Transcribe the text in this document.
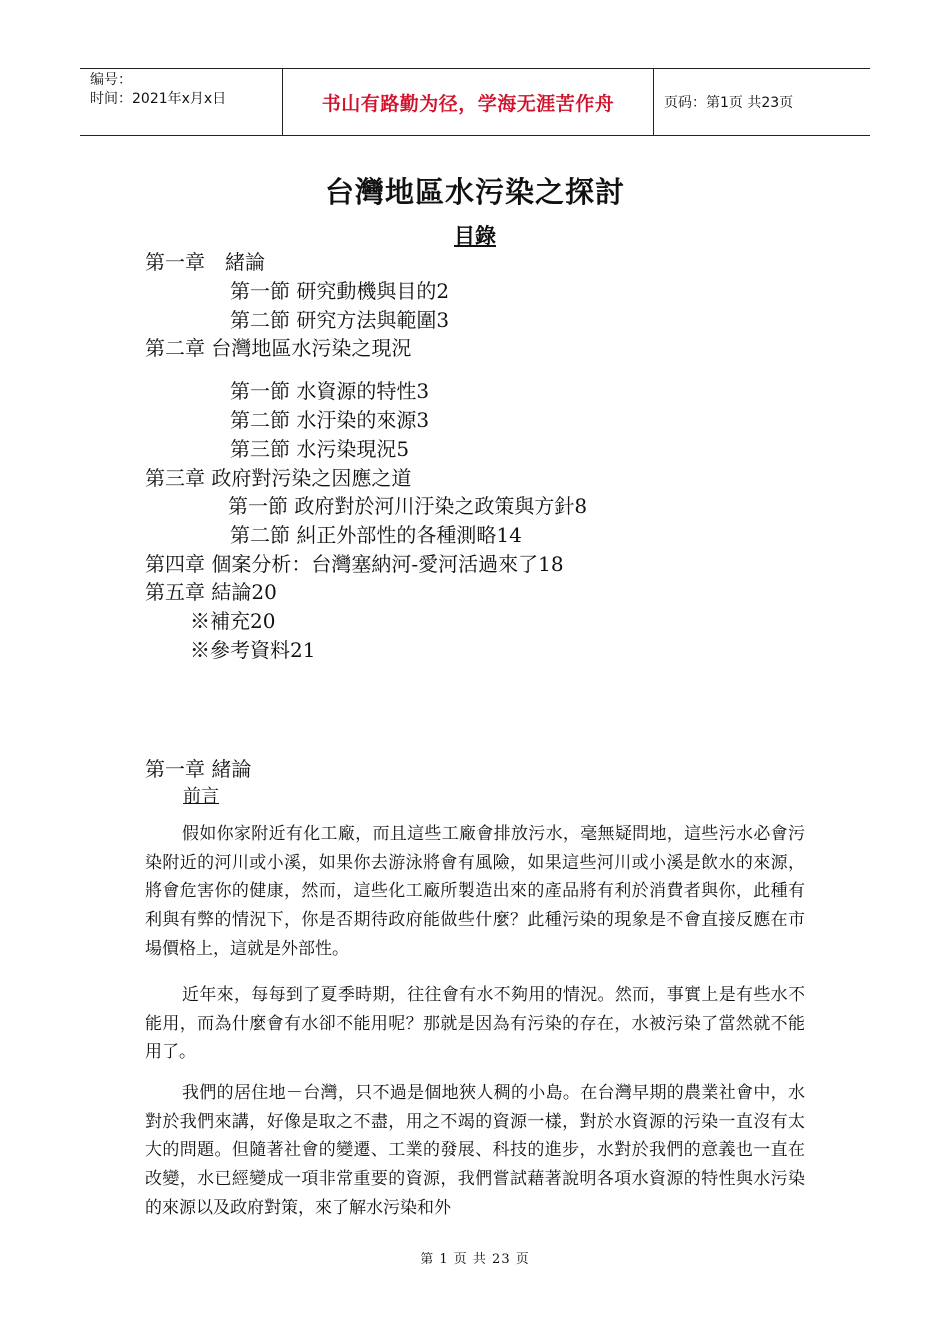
编号：
时间：2021年x月x日	书山有路勤为径，学海无涯苦作舟	页码：第1页 共23页
台灣地區水污染之探討
目錄
第一章　緒論
第一節 研究動機與目的2
第二節 研究方法與範圍3
第二章 台灣地區水污染之現況
第一節 水資源的特性3
第二節 水汙染的來源3
第三節 水污染現況5
第三章 政府對污染之因應之道
第一節 政府對於河川汙染之政策與方針8
第二節 糾正外部性的各種測略14
第四章 個案分析：台灣塞納河-愛河活過來了18
第五章 結論20
※補充20
※參考資料21
第一章 緒論
前言

假如你家附近有化工廠，而且這些工廠會排放污水，毫無疑問地，這些污水必會污染附近的河川或小溪，如果你去游泳將會有風險，如果這些河川或小溪是飲水的來源，將會危害你的健康，然而，這些化工廠所製造出來的產品將有利於消費者與你，此種有利與有弊的情況下，你是否期待政府能做些什麼？此種污染的現象是不會直接反應在市場價格上，這就是外部性。

近年來，每每到了夏季時期，往往會有水不夠用的情況。然而，事實上是有些水不能用，而為什麼會有水卻不能用呢？那就是因為有污染的存在，水被污染了當然就不能用了。

我們的居住地－台灣，只不過是個地狹人稠的小島。在台灣早期的農業社會中，水對於我們來講，好像是取之不盡，用之不竭的資源一樣，對於水資源的污染一直沒有太大的問題。但隨著社會的變遷、工業的發展、科技的進步，水對於我們的意義也一直在改變，水已經變成一項非常重要的資源，我們嘗試藉著說明各項水資源的特性與水污染的來源以及政府對策，來了解水污染和外

第 1 页 共 23 页
